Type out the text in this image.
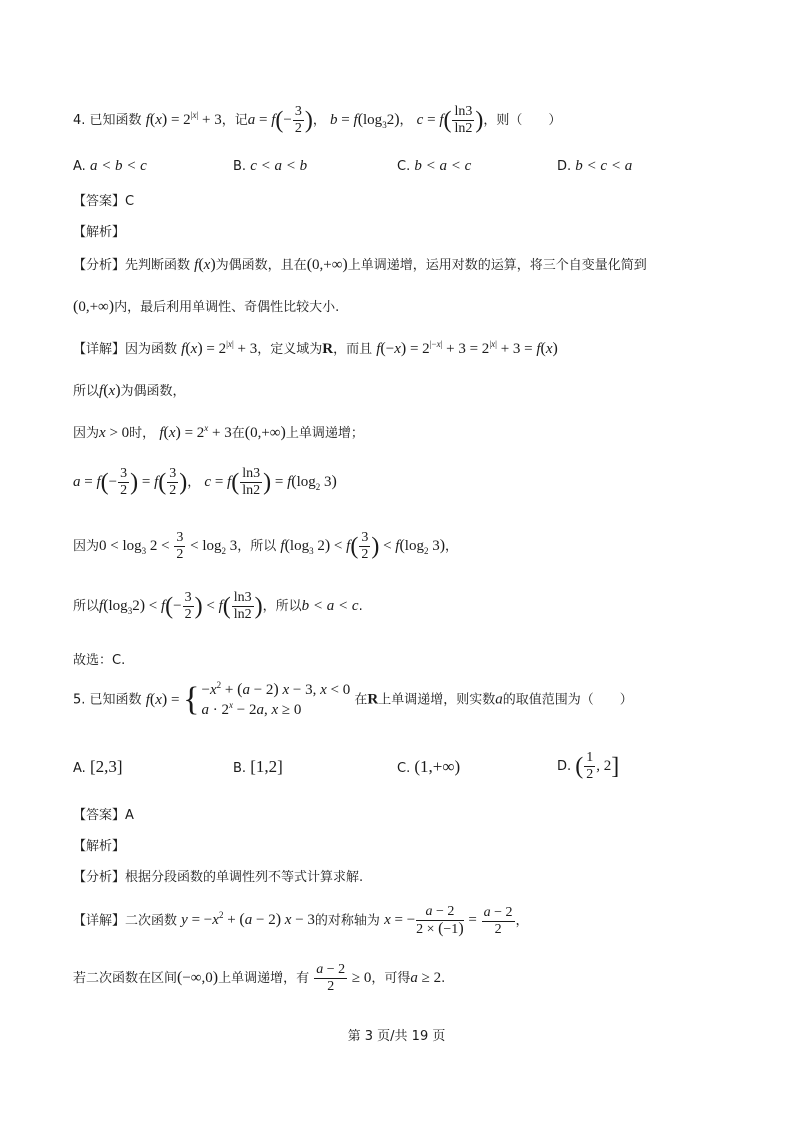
4. 已知函数 $f(x) = 2^{|x|} + 3$，记$a = f(- \frac{3}{2}$ )， $b = f(\log_32)$， $c = f( \frac{\ln 3}{\ln 2}$ )，则（　　）
A. a < b < c	B. c < a < b	C. b < a < c	D. b < c < a
【答案】C
【解析】
【分析】先判断函数 f(x)为偶函数，且在(0,+∞)上单调递增，运用对数的运算，将三个自变量化简到
(0,+∞)内，最后利用单调性、奇偶性比较大小.
【详解】因为函数 $f(x) = 2^{|x|} + 3$，定义域为R，而且 $f(-x) = 2^{|-x|} + 3 = 2^{|x|} + 3 = f(x)$
所以f(x)为偶函数，
因为x > 0时， $f(x) = 2^x + 3$在(0,+∞)上单调递增；
$a = f(- \frac{3}{2}$ ) = $f( \frac{3}{2}$ )， $c = f( \frac{\ln 3}{\ln 2}$ ) = $f(\log_2$ 3)
因为$0 < \log_3 2 < \frac{3}{2} < \log_2 3$，所以 $f(\log_3$ $2) < f( \frac{3}{2}$ ) < $f(\log_2$ 3)，
所以$f(\log_32) < f(- \frac{3}{2}$ ) < $f( \frac{\ln 3}{\ln 2}$ )，所以b < a < c.
故选：C.
5. 已知函数 f ( x ) = { $-x^2 + (a - 2) x - 3$, x < 0
$a \cdot 2^x - 2a$, x ≥ 0
在R上单调递增，则实数a的取值范围为（　　）
A. [2,3]	B. [1,2]	C. (1,+∞)	D. ( $\frac{1}{2}$ , 2]
【答案】A
【解析】
【分析】根据分段函数的单调性列不等式计算求解.
【详解】二次函数 $y = -x^2 + (a - 2) x - 3$的对称轴为 x = − $\frac{a - 2}{2 \times (-1)} = \frac{a - 2}{2}$ ，
若二次函数在区间(−∞,0)上单调递增，有 $\frac{a - 2}{2} \ge 0$，可得a ≥ 2.
第 3 页/共 19 页
